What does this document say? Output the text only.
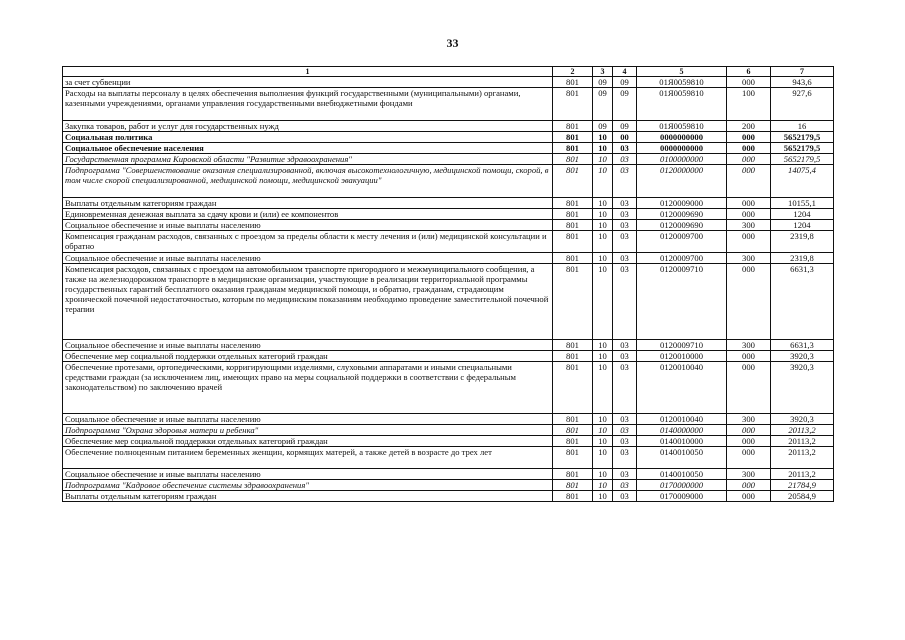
33
1	2	3	4	5	6	7
за счет субвенции	801	09	09	01Я0059810	000	943,6
Расходы на выплаты персоналу в целях обеспечения выполнения функций государственными (муниципальными) органами, казенными учреждениями, органами управления государственными внебюджетными фондами	801	09	09	01Я0059810	100	927,6
Закупка товаров, работ и услуг для государственных нужд	801	09	09	01Я0059810	200	16
Социальная политика	801	10	00	0000000000	000	5652179,5
Социальное обеспечение населения	801	10	03	0000000000	000	5652179,5
Государственная программа Кировской области "Развитие здравоохранения"	801	10	03	0100000000	000	5652179,5
Подпрограмма "Совершенствование оказания специализированной, включая высокотехнологичную, медицинской помощи, скорой, в том числе скорой специализированной, медицинской помощи, медицинской эвакуации"	801	10	03	0120000000	000	14075,4
Выплаты отдельным категориям граждан	801	10	03	0120009000	000	10155,1
Единовременная денежная выплата за сдачу крови и (или) ее компонентов	801	10	03	0120009690	000	1204
Социальное обеспечение и иные выплаты населению	801	10	03	0120009690	300	1204
Компенсация гражданам расходов, связанных с проездом за пределы области к месту лечения и (или) медицинской консультации и обратно	801	10	03	0120009700	000	2319,8
Социальное обеспечение и иные выплаты населению	801	10	03	0120009700	300	2319,8
Компенсация расходов, связанных с проездом на автомобильном транспорте пригородного и межмуниципального сообщения, а также на железнодорожном транспорте в медицинские организации, участвующие в реализации территориальной программы государственных гарантий бесплатного оказания гражданам медицинской помощи, и обратно, гражданам, страдающим хронической почечной недостаточностью, которым по медицинским показаниям необходимо проведение заместительной почечной терапии	801	10	03	0120009710	000	6631,3
Социальное обеспечение и иные выплаты населению	801	10	03	0120009710	300	6631,3
Обеспечение мер социальной поддержки отдельных категорий граждан	801	10	03	0120010000	000	3920,3
Обеспечение протезами, ортопедическими, корригирующими изделиями, слуховыми аппаратами и иными специальными средствами граждан (за исключением лиц, имеющих право на меры социальной поддержки в соответствии с федеральным законодательством) по заключению врачей	801	10	03	0120010040	000	3920,3
Социальное обеспечение и иные выплаты населению	801	10	03	0120010040	300	3920,3
Подпрограмма "Охрана здоровья матери и ребенка"	801	10	03	0140000000	000	20113,2
Обеспечение мер социальной поддержки отдельных категорий граждан	801	10	03	0140010000	000	20113,2
Обеспечение полноценным питанием беременных женщин, кормящих матерей, а также детей в возрасте до трех лет	801	10	03	0140010050	000	20113,2
Социальное обеспечение и иные выплаты населению	801	10	03	0140010050	300	20113,2
Подпрограмма "Кадровое обеспечение системы здравоохранения"	801	10	03	0170000000	000	21784,9
Выплаты отдельным категориям граждан	801	10	03	0170009000	000	20584,9
